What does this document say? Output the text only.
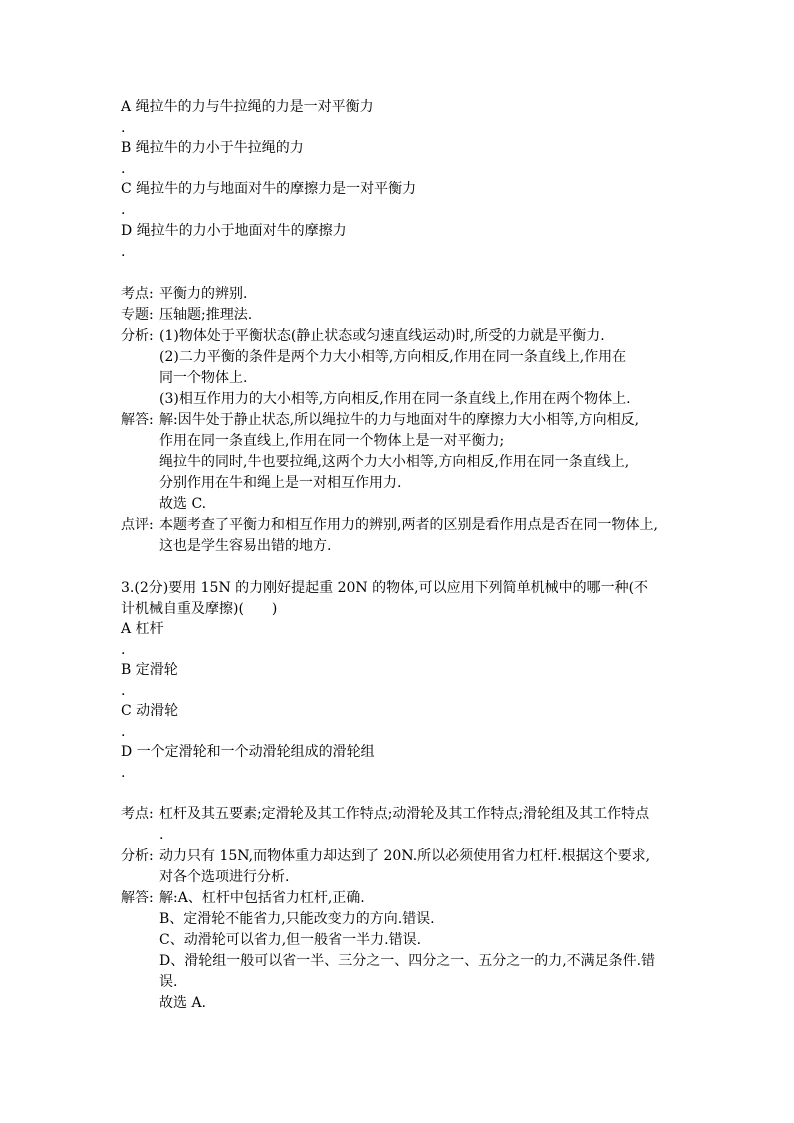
A 绳拉牛的力与牛拉绳的力是一对平衡力
.
B 绳拉牛的力小于牛拉绳的力
.
C 绳拉牛的力与地面对牛的摩擦力是一对平衡力
.
D 绳拉牛的力小于地面对牛的摩擦力
.
考点: 平衡力的辨别.
专题: 压轴题;推理法.
分析: (1)物体处于平衡状态(静止状态或匀速直线运动)时,所受的力就是平衡力.
(2)二力平衡的条件是两个力大小相等,方向相反,作用在同一条直线上,作用在
同一个物体上.
(3)相互作用力的大小相等,方向相反,作用在同一条直线上,作用在两个物体上.
解答: 解:因牛处于静止状态,所以绳拉牛的力与地面对牛的摩擦力大小相等,方向相反,
作用在同一条直线上,作用在同一个物体上是一对平衡力;
绳拉牛的同时,牛也要拉绳,这两个力大小相等,方向相反,作用在同一条直线上,
分别作用在牛和绳上是一对相互作用力.
故选 C.
点评: 本题考查了平衡力和相互作用力的辨别,两者的区别是看作用点是否在同一物体上,
这也是学生容易出错的地方.
3.(2分)要用 15N 的力刚好提起重 20N 的物体,可以应用下列简单机械中的哪一种(不
计机械自重及摩擦)(　　)
A 杠杆
.
B 定滑轮
.
C 动滑轮
.
D 一个定滑轮和一个动滑轮组成的滑轮组
.
考点: 杠杆及其五要素;定滑轮及其工作特点;动滑轮及其工作特点;滑轮组及其工作特点
.
分析: 动力只有 15N,而物体重力却达到了 20N.所以必须使用省力杠杆.根据这个要求,
对各个选项进行分析.
解答: 解:A、杠杆中包括省力杠杆,正确.
B、定滑轮不能省力,只能改变力的方向.错误.
C、动滑轮可以省力,但一般省一半力.错误.
D、滑轮组一般可以省一半、三分之一、四分之一、五分之一的力,不满足条件.错
误.
故选 A.
